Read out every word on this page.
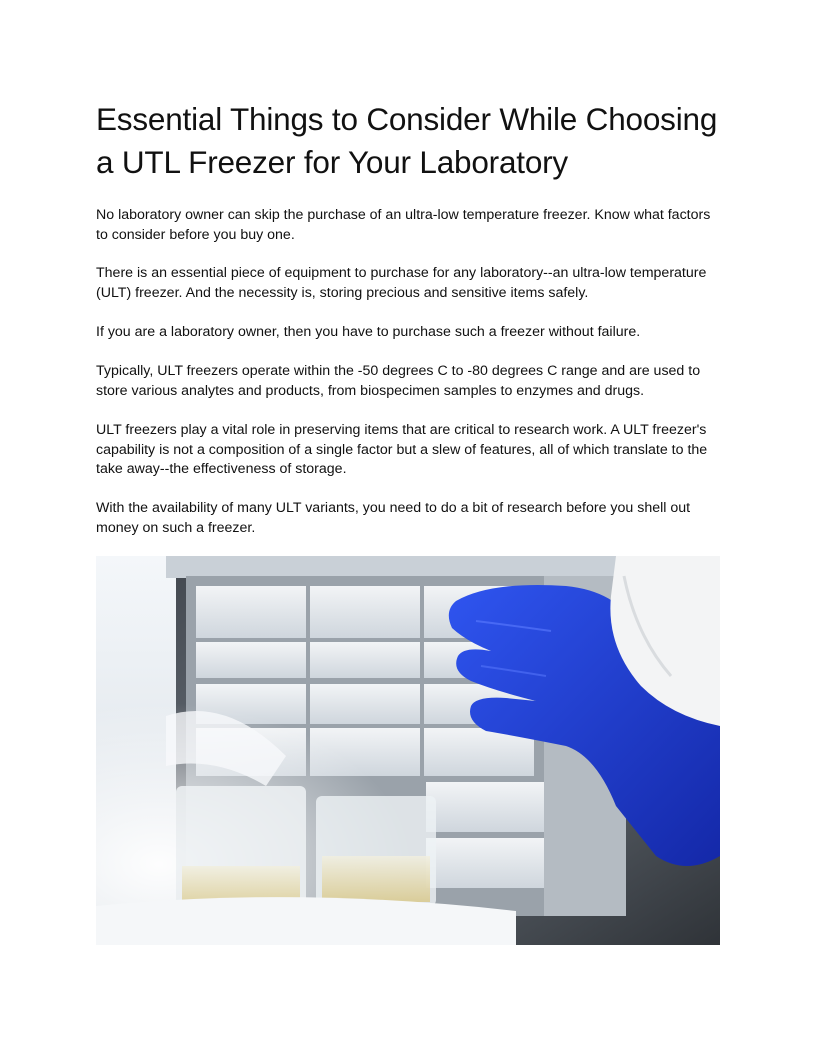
Essential Things to Consider While Choosing a UTL Freezer for Your Laboratory

No laboratory owner can skip the purchase of an ultra-low temperature freezer. Know what factors to consider before you buy one.

There is an essential piece of equipment to purchase for any laboratory--an ultra-low temperature (ULT) freezer. And the necessity is, storing precious and sensitive items safely.

If you are a laboratory owner, then you have to purchase such a freezer without failure.

Typically, ULT freezers operate within the -50 degrees C to -80 degrees C range and are used to store various analytes and products, from biospecimen samples to enzymes and drugs.

ULT freezers play a vital role in preserving items that are critical to research work. A ULT freezer's capability is not a composition of a single factor but a slew of features, all of which translate to the take away--the effectiveness of storage.

With the availability of many ULT variants, you need to do a bit of research before you shell out money on such a freezer.
